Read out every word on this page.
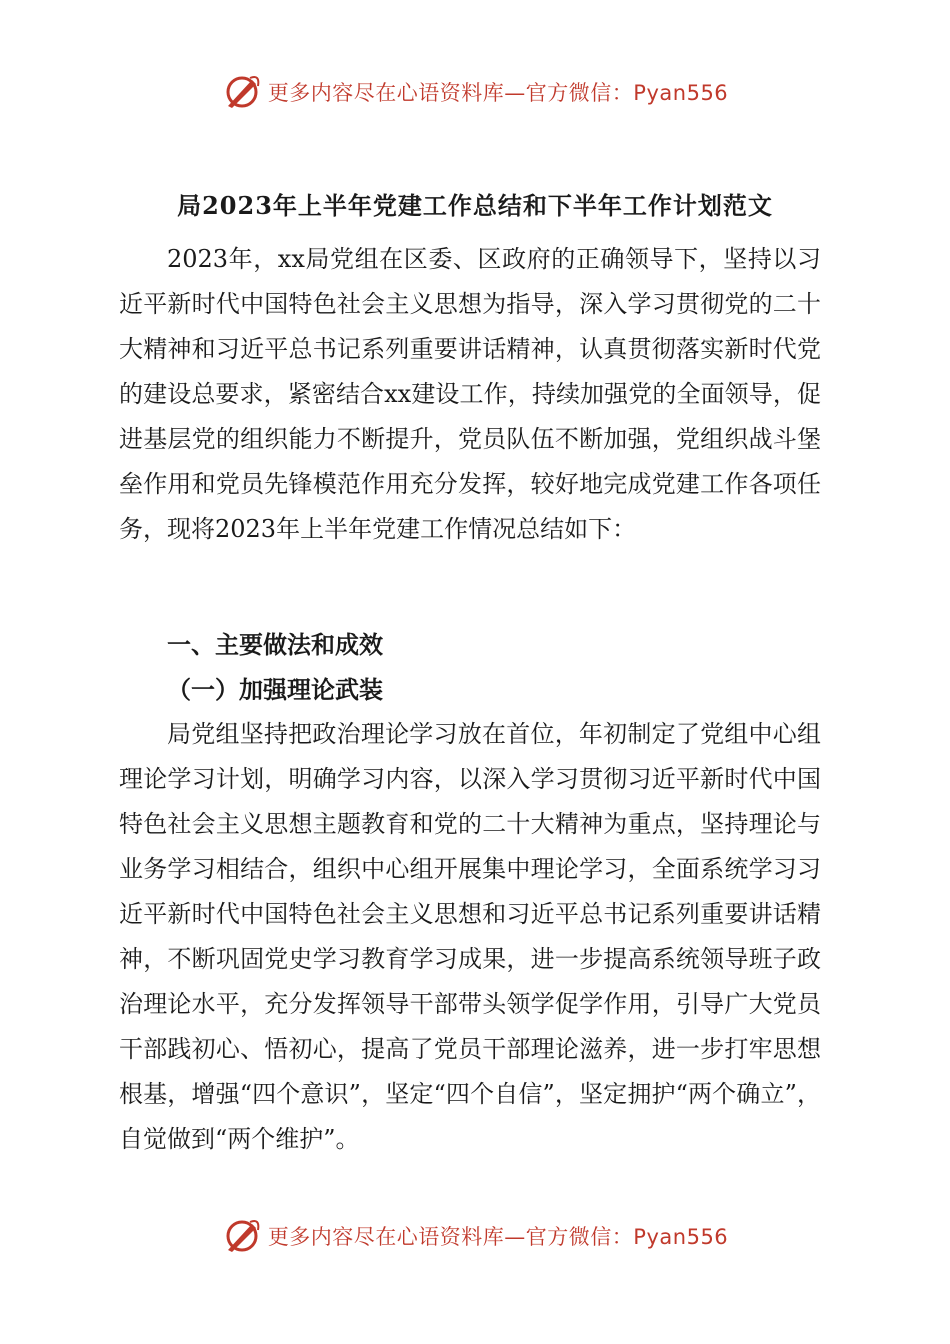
更多内容尽在心语资料库—官方微信：Pyan556
局2023年上半年党建工作总结和下半年工作计划范文

2023年，xx局党组在区委、区政府的正确领导下，坚持以习近平新时代中国特色社会主义思想为指导，深入学习贯彻党的二十大精神和习近平总书记系列重要讲话精神，认真贯彻落实新时代党的建设总要求，紧密结合xx建设工作，持续加强党的全面领导，促进基层党的组织能力不断提升，党员队伍不断加强，党组织战斗堡垒作用和党员先锋模范作用充分发挥，较好地完成党建工作各项任务，现将2023年上半年党建工作情况总结如下：

一、主要做法和成效
（一）加强理论武装

局党组坚持把政治理论学习放在首位，年初制定了党组中心组理论学习计划，明确学习内容，以深入学习贯彻习近平新时代中国特色社会主义思想主题教育和党的二十大精神为重点，坚持理论与业务学习相结合，组织中心组开展集中理论学习，全面系统学习习近平新时代中国特色社会主义思想和习近平总书记系列重要讲话精神，不断巩固党史学习教育学习成果，进一步提高系统领导班子政治理论水平，充分发挥领导干部带头领学促学作用，引导广大党员干部践初心、悟初心，提高了党员干部理论滋养，进一步打牢思想根基，增强“四个意识”，坚定“四个自信”，坚定拥护“两个确立”，自觉做到“两个维护”。

更多内容尽在心语资料库—官方微信：Pyan556
